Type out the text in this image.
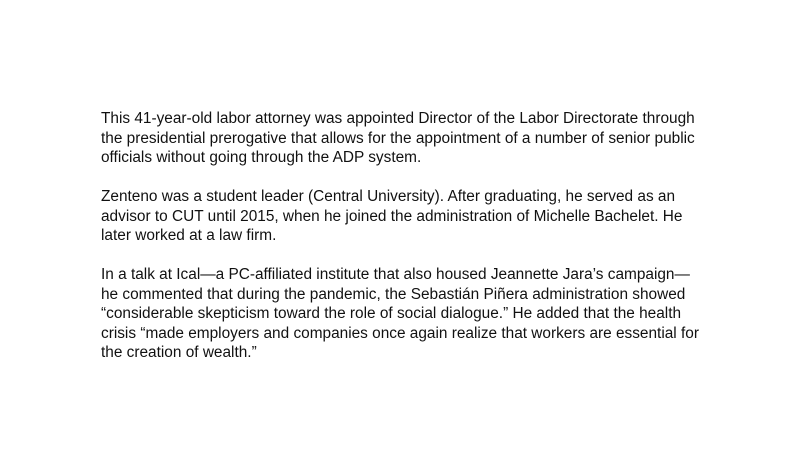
This 41-year-old labor attorney was appointed Director of the Labor Directorate through
the presidential prerogative that allows for the appointment of a number of senior public
officials without going through the ADP system.

Zenteno was a student leader (Central University). After graduating, he served as an
advisor to CUT until 2015, when he joined the administration of Michelle Bachelet. He
later worked at a law firm.

In a talk at Ical—a PC-affiliated institute that also housed Jeannette Jara’s campaign—
he commented that during the pandemic, the Sebastián Piñera administration showed
“considerable skepticism toward the role of social dialogue.” He added that the health
crisis “made employers and companies once again realize that workers are essential for
the creation of wealth.”
